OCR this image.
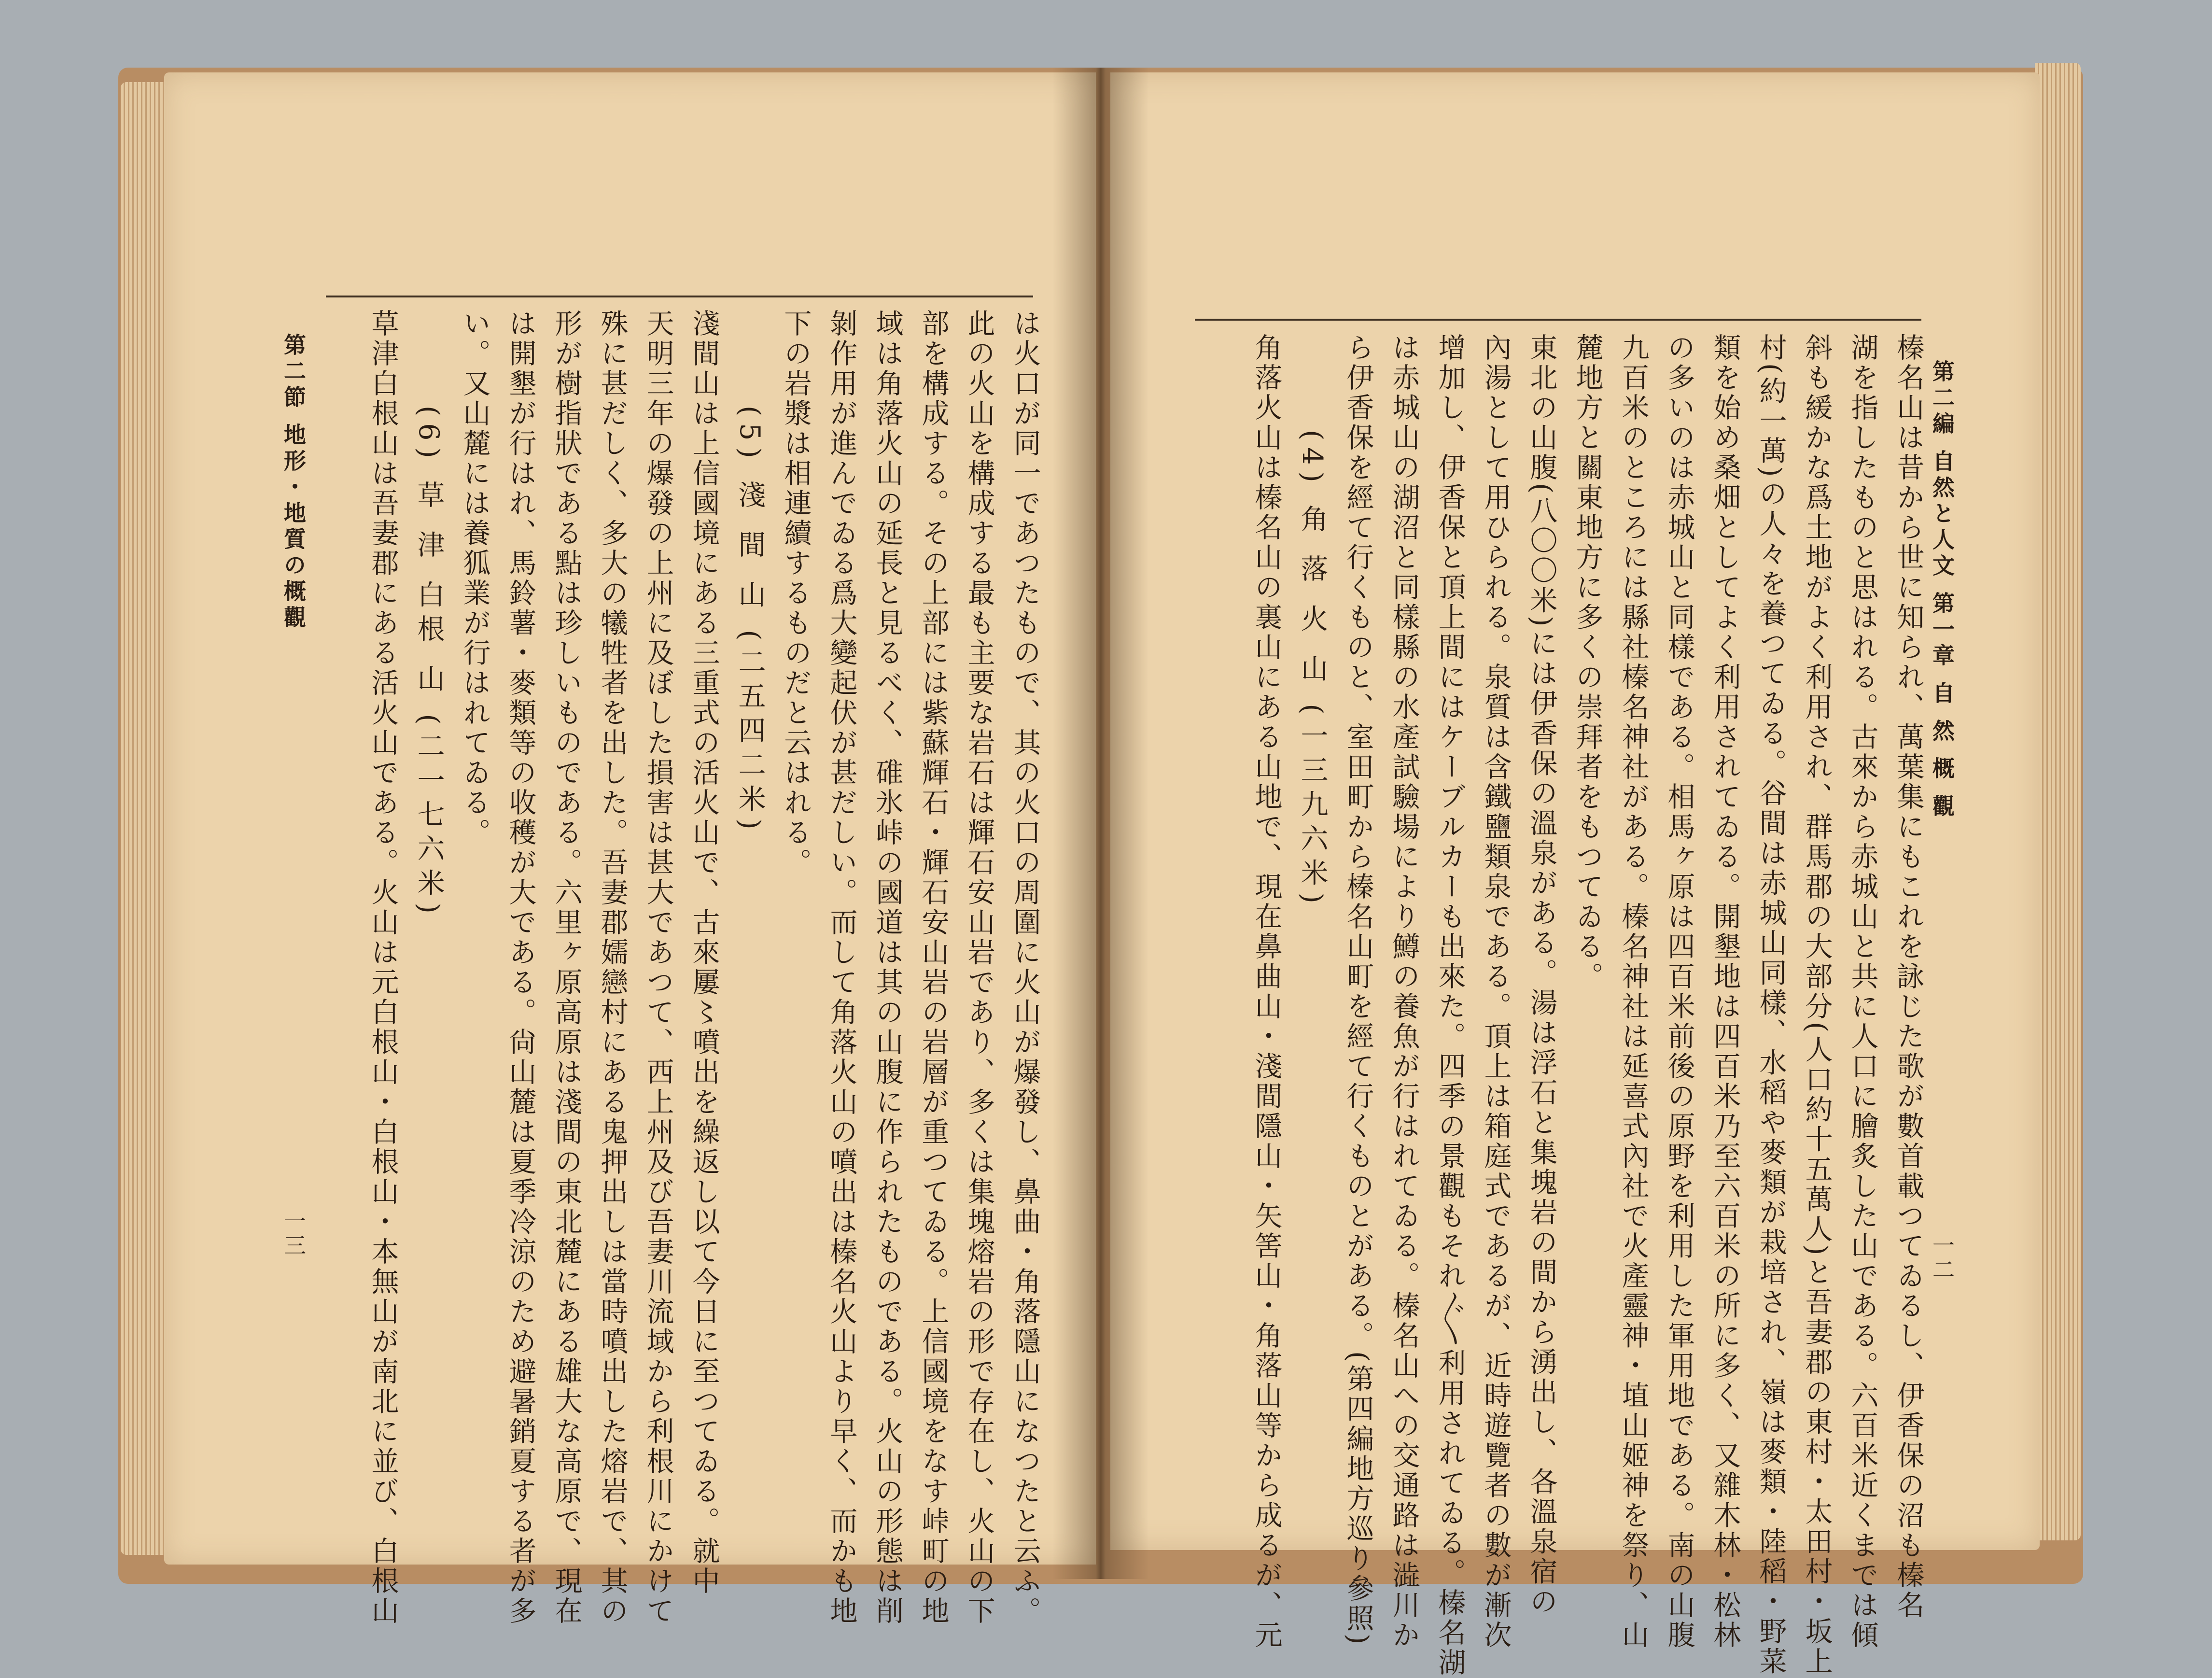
第二編 自然と人文 第一章 自 然 概 觀
一二

榛名山は昔から世に知られ、萬葉集にもこれを詠じた歌が數首載つてゐるし、伊香保の沼も榛名

湖を指したものと思はれる。古來から赤城山と共に人口に膾炙した山である。六百米近くまでは傾

斜も緩かな爲土地がよく利用され、群馬郡の大部分(人口約十五萬人)と吾妻郡の東村・太田村・坂上

村(約一萬)の人々を養つてゐる。谷間は赤城山同樣、水稻や麥類が栽培され、嶺は麥類・陸稻・野菜

類を始め桑畑としてよく利用されてゐる。開墾地は四百米乃至六百米の所に多く、又雜木林・松林

の多いのは赤城山と同樣である。相馬ヶ原は四百米前後の原野を利用した軍用地である。南の山腹

九百米のところには縣社榛名神社がある。榛名神社は延喜式內社で火產靈神・埴山姬神を祭り、山

麓地方と關東地方に多くの崇拜者をもつてゐる。

東北の山腹(八〇〇米)には伊香保の溫泉がある。湯は浮石と集塊岩の間から湧出し、各溫泉宿の

內湯として用ひられる。泉質は含鐵鹽類泉である。頂上は箱庭式であるが、近時遊覽者の數が漸次

增加し、伊香保と頂上間にはケーブルカーも出來た。四季の景觀もそれ〴〵利用されてゐる。榛名湖

は赤城山の湖沼と同樣縣の水產試驗場により鱒の養魚が行はれてゐる。榛名山への交通路は澁川か

ら伊香保を經て行くものと、室田町から榛名山町を經て行くものとがある。(第四編地方巡り參照)

(4) 角 落 火 山 (一三九六米)

角落火山は榛名山の裏山にある山地で、現在鼻曲山・淺間隱山・矢筈山・角落山等から成るが、元

第二節 地形・地質の概觀
一三	は火口が同一であつたもので、其の火口の周圍に火山が爆發し、鼻曲・角落隱山になつたと云ふ。

此の火山を構成する最も主要な岩石は輝石安山岩であり、多くは集塊熔岩の形で存在し、火山の下

部を構成する。その上部には紫蘇輝石・輝石安山岩の岩層が重つてゐる。上信國境をなす峠町の地

域は角落火山の延長と見るべく、碓氷峠の國道は其の山腹に作られたものである。火山の形態は削

剝作用が進んでゐる爲大變起伏が甚だしい。而して角落火山の噴出は榛名火山より早く、而かも地

下の岩漿は相連續するものだと云はれる。

(5) 淺 間 山 (二五四二米)

淺間山は上信國境にある三重式の活火山で、古來屢〻噴出を繰返し以て今日に至つてゐる。就中

天明三年の爆發の上州に及ぼした損害は甚大であつて、西上州及び吾妻川流域から利根川にかけて

殊に甚だしく、多大の犧牲者を出した。吾妻郡嬬戀村にある鬼押出しは當時噴出した熔岩で、其の

形が樹指狀である點は珍しいものである。六里ヶ原高原は淺間の東北麓にある雄大な高原で、現在

は開墾が行はれ、馬鈴薯・麥類等の收穫が大である。尙山麓は夏季冷涼のため避暑銷夏する者が多

い。又山麓には養狐業が行はれてゐる。

(6) 草 津 白根 山 (二一七六米)

草津白根山は吾妻郡にある活火山である。火山は元白根山・白根山・本無山が南北に並び、白根山
